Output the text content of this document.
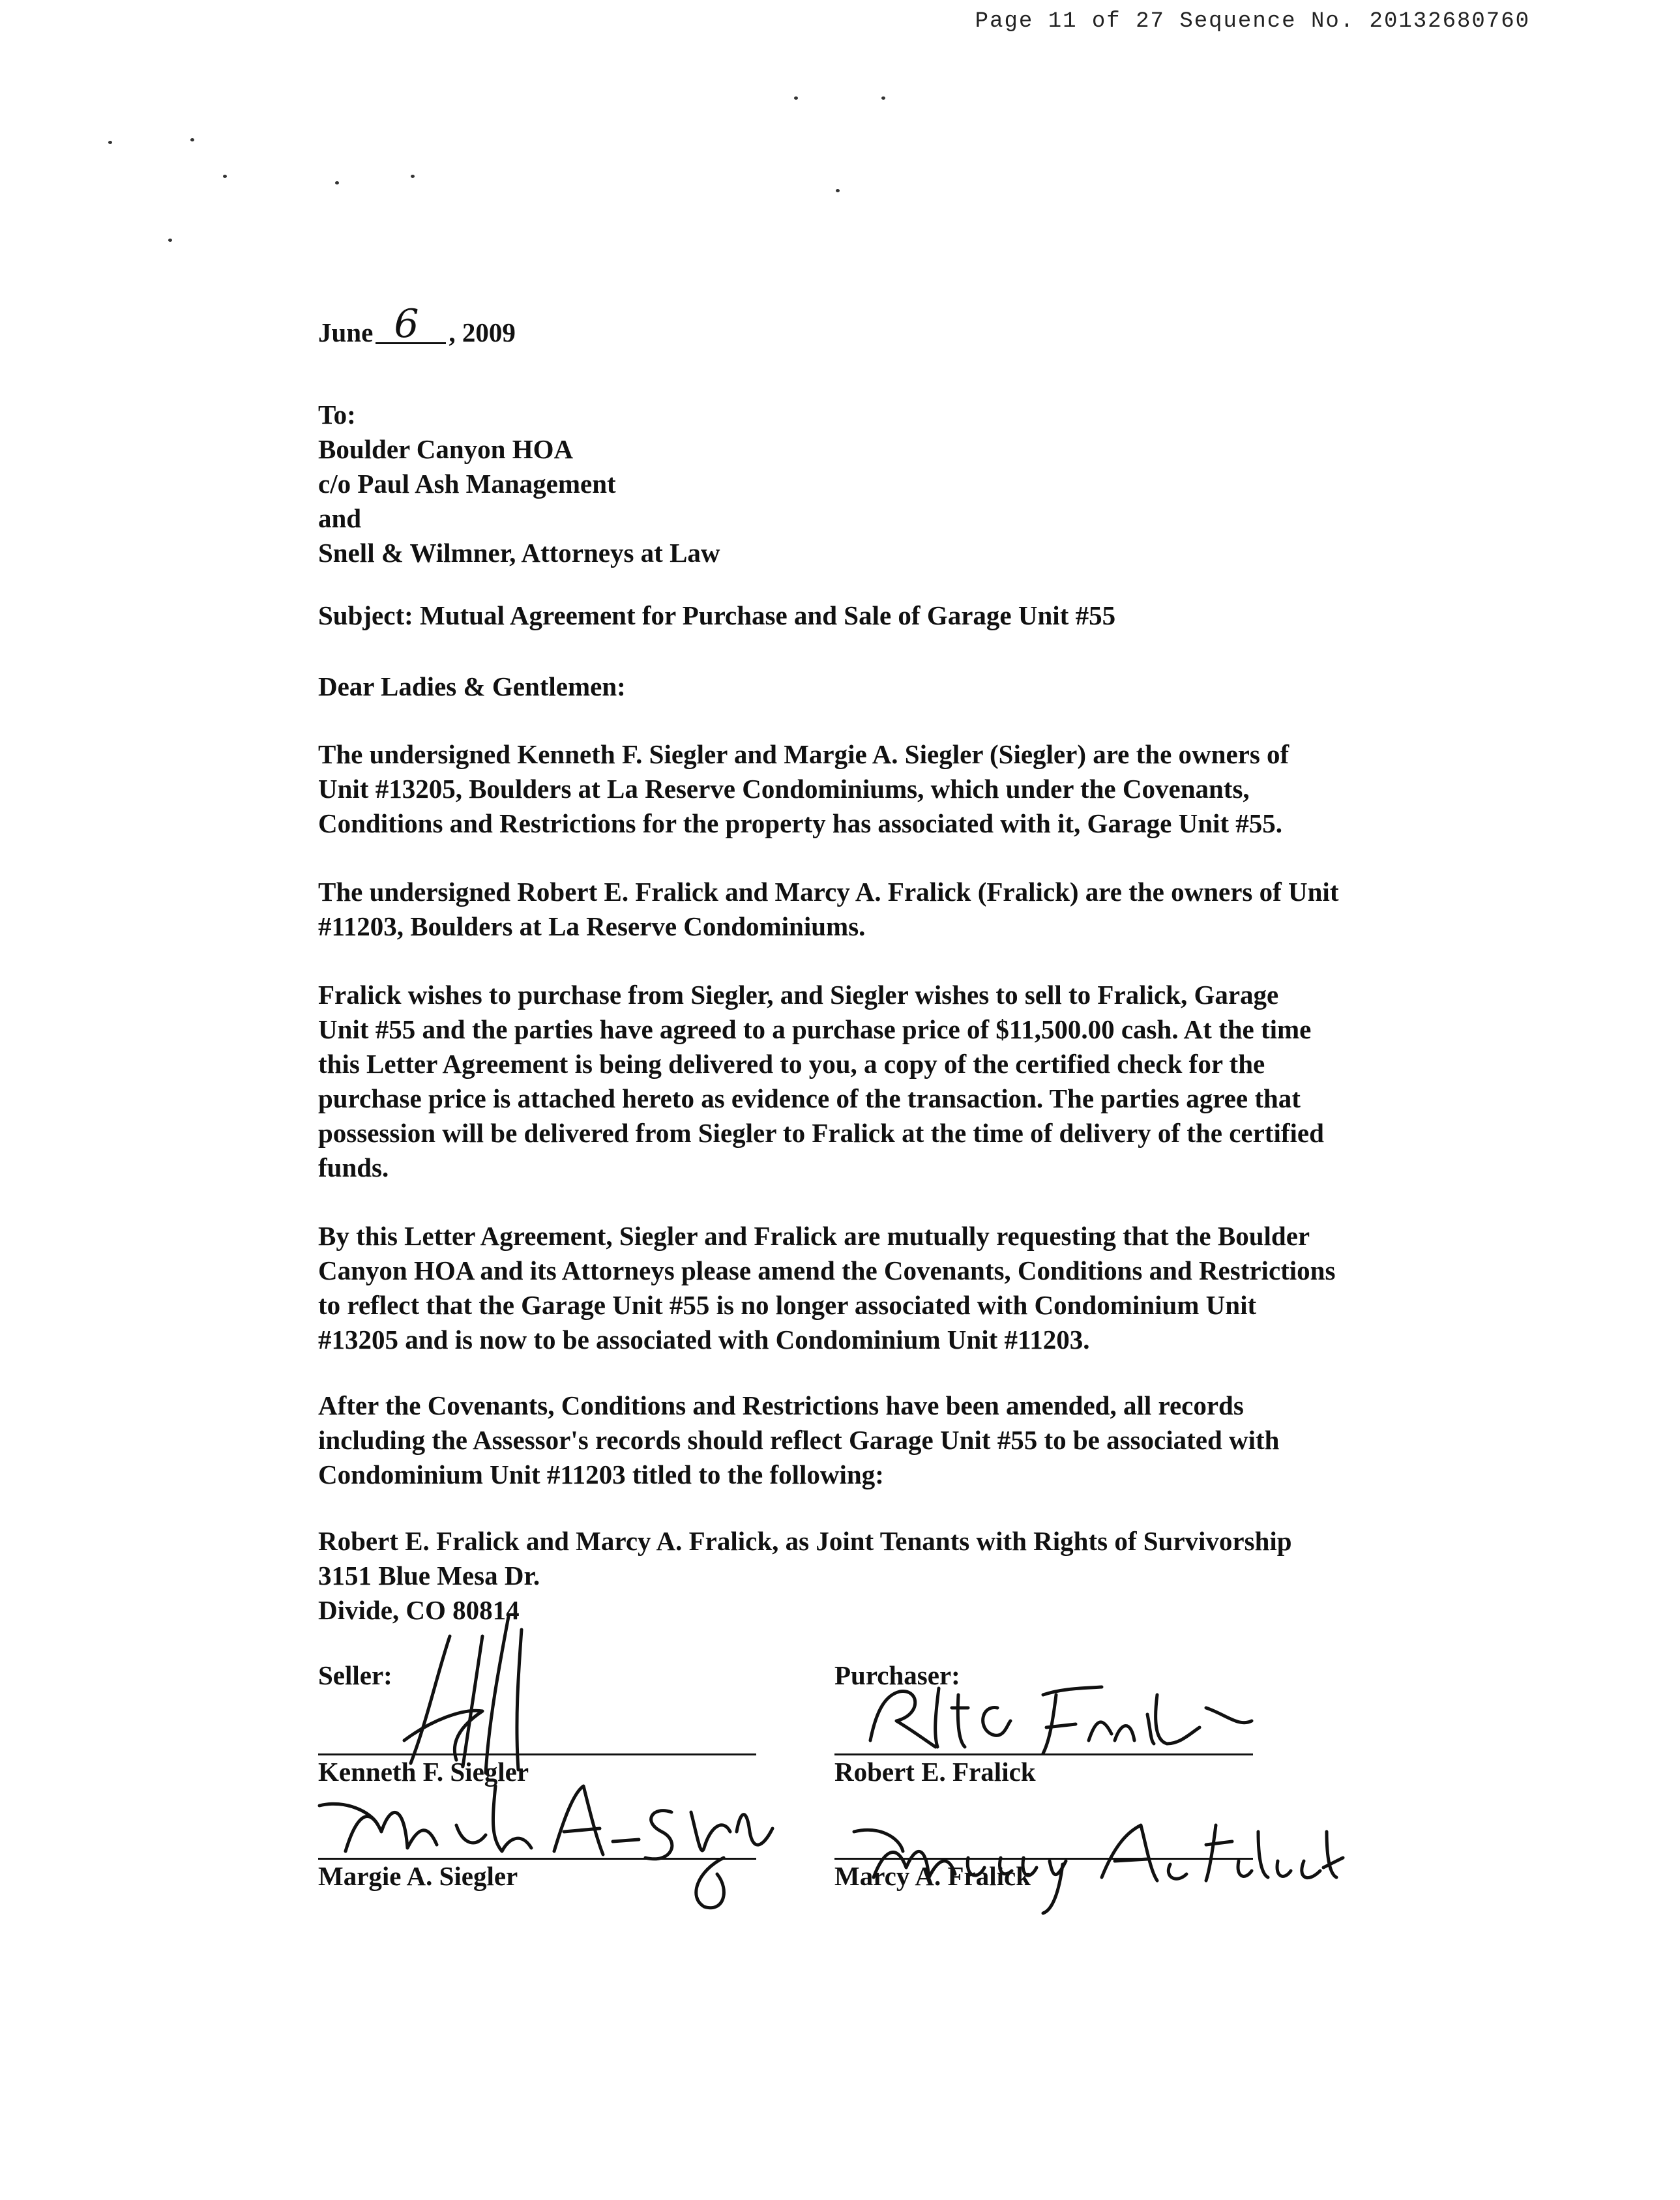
Page 11 of 27 Sequence No. 20132680760
June 6 , 2009
To:
Boulder Canyon HOA
c/o Paul Ash Management
and
Snell & Wilmner, Attorneys at Law
Subject: Mutual Agreement for Purchase and Sale of Garage Unit #55
Dear Ladies & Gentlemen:
The undersigned Kenneth F. Siegler and Margie A. Siegler (Siegler) are the owners of
Unit #13205, Boulders at La Reserve Condominiums, which under the Covenants,
Conditions and Restrictions for the property has associated with it, Garage Unit #55.
The undersigned Robert E. Fralick and Marcy A. Fralick (Fralick) are the owners of Unit
#11203, Boulders at La Reserve Condominiums.
Fralick wishes to purchase from Siegler, and Siegler wishes to sell to Fralick, Garage
Unit #55 and the parties have agreed to a purchase price of $11,500.00 cash. At the time
this Letter Agreement is being delivered to you, a copy of the certified check for the
purchase price is attached hereto as evidence of the transaction. The parties agree that
possession will be delivered from Siegler to Fralick at the time of delivery of the certified
funds.
By this Letter Agreement, Siegler and Fralick are mutually requesting that the Boulder
Canyon HOA and its Attorneys please amend the Covenants, Conditions and Restrictions
to reflect that the Garage Unit #55 is no longer associated with Condominium Unit
#13205 and is now to be associated with Condominium Unit #11203.
After the Covenants, Conditions and Restrictions have been amended, all records
including the Assessor's records should reflect Garage Unit #55 to be associated with
Condominium Unit #11203 titled to the following:
Robert E. Fralick and Marcy A. Fralick, as Joint Tenants with Rights of Survivorship
3151 Blue Mesa Dr.
Divide, CO 80814
Seller:
Kenneth F. Siegler
Margie A. Siegler
Purchaser:
Robert E. Fralick
Marcy A. Fralick
